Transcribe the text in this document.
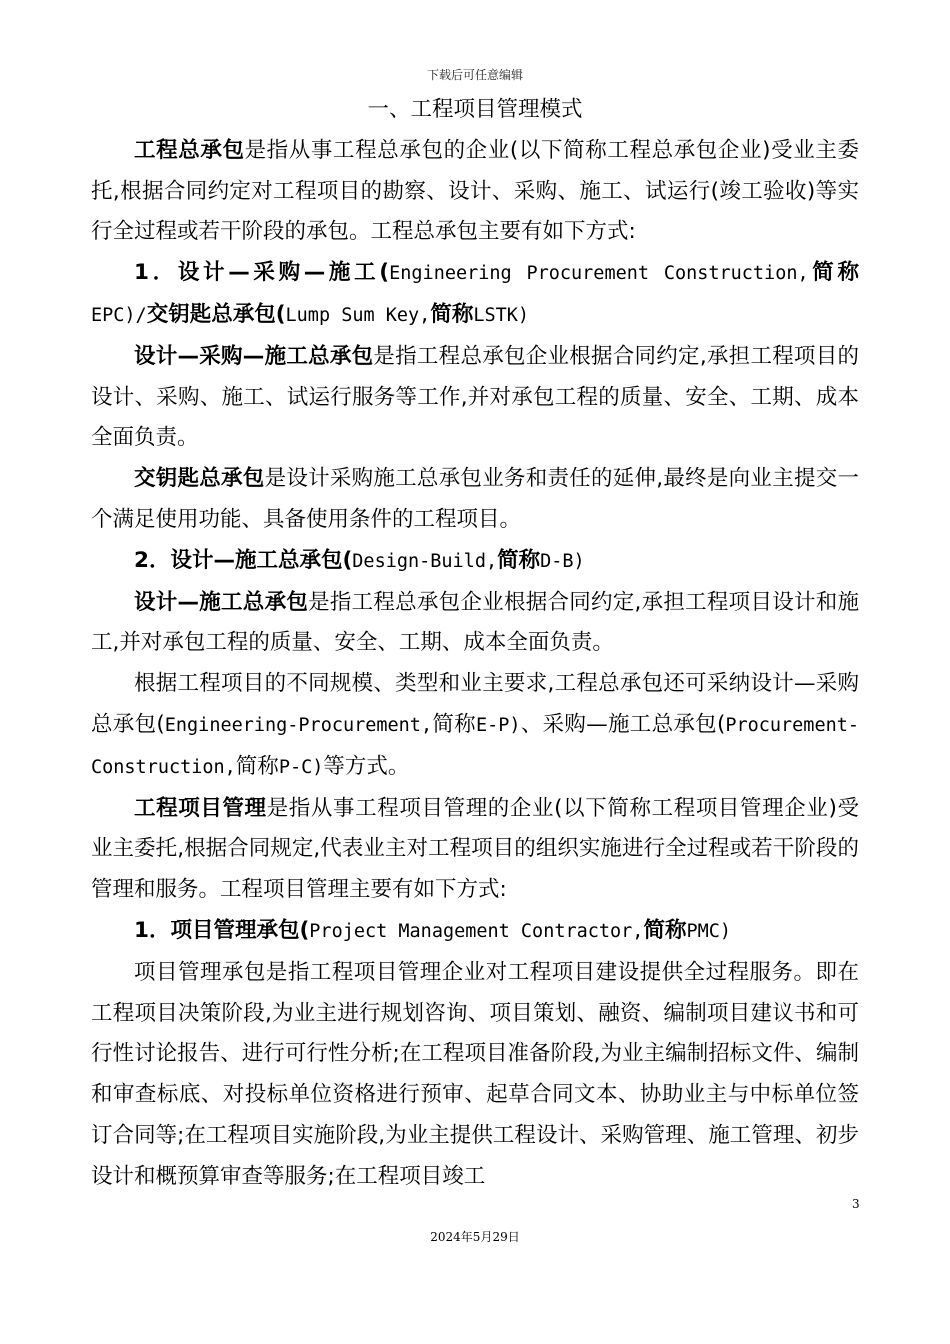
下载后可任意编辑

一、工程项目管理模式

工程总承包是指从事工程总承包的企业(以下简称工程总承包企业)受业主委托,根据合同约定对工程项目的勘察、设计、采购、施工、试运行(竣工验收)等实行全过程或若干阶段的承包。工程总承包主要有如下方式:

1．设计—采购—施工(Engineering Procurement Construction,简称EPC)/交钥匙总承包(Lump Sum Key,简称LSTK)

设计—采购—施工总承包是指工程总承包企业根据合同约定,承担工程项目的设计、采购、施工、试运行服务等工作,并对承包工程的质量、安全、工期、成本全面负责。

交钥匙总承包是设计采购施工总承包业务和责任的延伸,最终是向业主提交一个满足使用功能、具备使用条件的工程项目。

2．设计—施工总承包(Design-Build,简称D-B)

设计—施工总承包是指工程总承包企业根据合同约定,承担工程项目设计和施工,并对承包工程的质量、安全、工期、成本全面负责。

根据工程项目的不同规模、类型和业主要求,工程总承包还可采纳设计—采购总承包(Engineering-Procurement,简称E-P)、采购—施工总承包(Procurement-Construction,简称P-C)等方式。

工程项目管理是指从事工程项目管理的企业(以下简称工程项目管理企业)受业主委托,根据合同规定,代表业主对工程项目的组织实施进行全过程或若干阶段的管理和服务。工程项目管理主要有如下方式:

1．项目管理承包(Project Management Contractor,简称PMC)

项目管理承包是指工程项目管理企业对工程项目建设提供全过程服务。即在工程项目决策阶段,为业主进行规划咨询、项目策划、融资、编制项目建议书和可行性讨论报告、进行可行性分析;在工程项目准备阶段,为业主编制招标文件、编制和审查标底、对投标单位资格进行预审、起草合同文本、协助业主与中标单位签订合同等;在工程项目实施阶段,为业主提供工程设计、采购管理、施工管理、初步设计和概预算审查等服务;在工程项目竣工

3
2024年5月29日
